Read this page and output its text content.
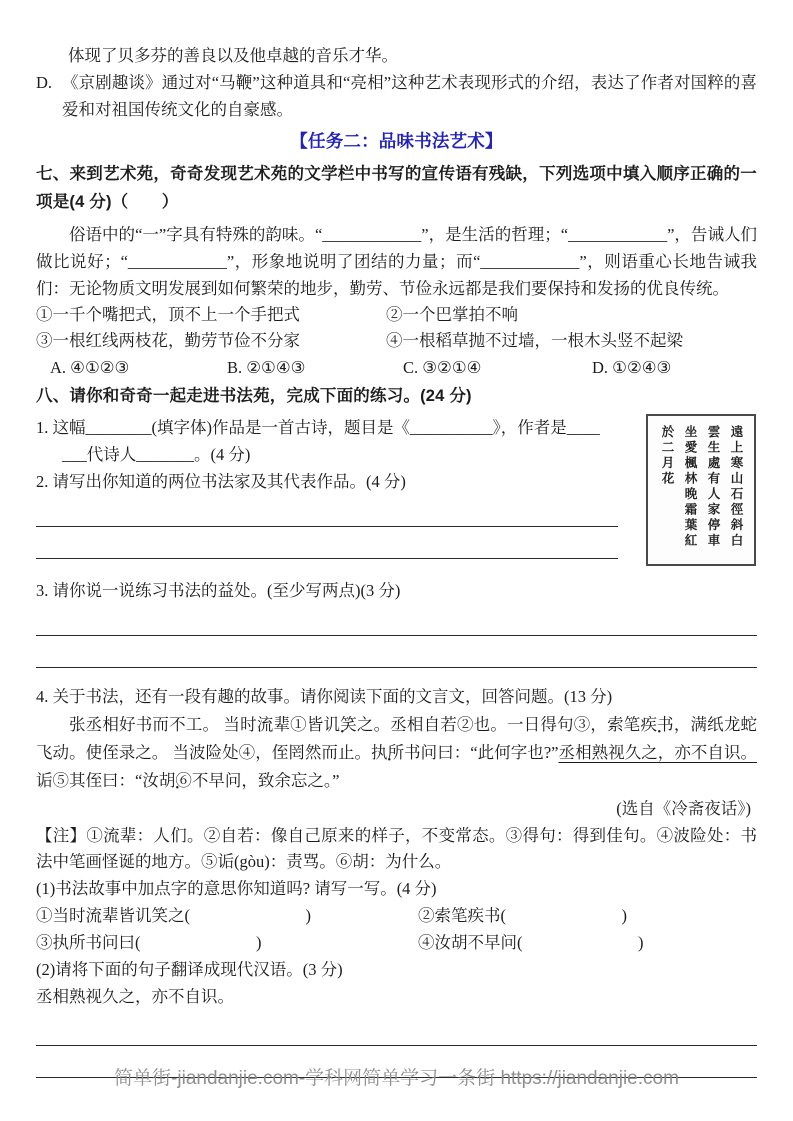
体现了贝多芬的善良以及他卓越的音乐才华。
D. 《京剧趣谈》通过对“马鞭”这种道具和“亮相”这种艺术表现形式的介绍，表达了作者对国粹的喜爱和对祖国传统文化的自豪感。
【任务二：品味书法艺术】
七、来到艺术苑，奇奇发现艺术苑的文学栏中书写的宣传语有残缺，下列选项中填入顺序正确的一项是(4 分)（　　）
俗语中的“一”字具有特殊的韵味。“____________”，是生活的哲理；“____________”，告诫人们做比说好；“____________”，形象地说明了团结的力量；而“____________”，则语重心长地告诫我们：无论物质文明发展到如何繁荣的地步，勤劳、节俭永远都是我们要保持和发扬的优良传统。
①一千个嘴把式，顶不上一个手把式	②一个巴掌拍不响
③一根红线两枝花，勤劳节俭不分家	④一根稻草抛不过墙，一根木头竖不起梁
A. ④①②③	B. ②①④③	C. ③②①④	D. ①②④③
八、请你和奇奇一起走进书法苑，完成下面的练习。(24 分)
1. 这幅________(填字体)作品是一首古诗，题目是《__________》，作者是____
___代诗人_______。(4 分)
2. 请写出你知道的两位书法家及其代表作品。(4 分)	遠上寒山石徑斜白
雲生處有人家停車
坐愛楓林晚霜葉紅
於二月花
3. 请你说一说练习书法的益处。(至少写两点)(3 分)
4. 关于书法，还有一段有趣的故事。请你阅读下面的文言文，回答问题。(13 分)

张丞相好书而不工。 当时流辈①皆讥笑之。丞相自若②也。一日得句③，索笔疾书，满纸龙蛇飞动。使侄录之。 当波险处④，侄罔然而止。执所书问曰：“此何字也?”丞相熟视久之，亦不自识。诟⑤其侄曰：“汝胡⑥不早问，致余忘之。”

(选自《冷斋夜话》)
【注】①流辈：人们。②自若：像自己原来的样子，不变常态。③得句：得到佳句。④波险处：书法中笔画怪诞的地方。⑤诟(gòu)：责骂。⑥胡：为什么。
(1)书法故事中加点字的意思你知道吗? 请写一写。(4 分)
①当时流辈皆讥笑之(　　　　　　　)	②索笔疾书(　　　　　　　)
③执所书问曰(　　　　　　　)	④汝胡不早问(　　　　　　　)
(2)请将下面的句子翻译成现代汉语。(3 分)
丞相熟视久之，亦不自识。
简单街-jiandanjie.com-学科网简单学习一条街 https://jiandanjie.com
